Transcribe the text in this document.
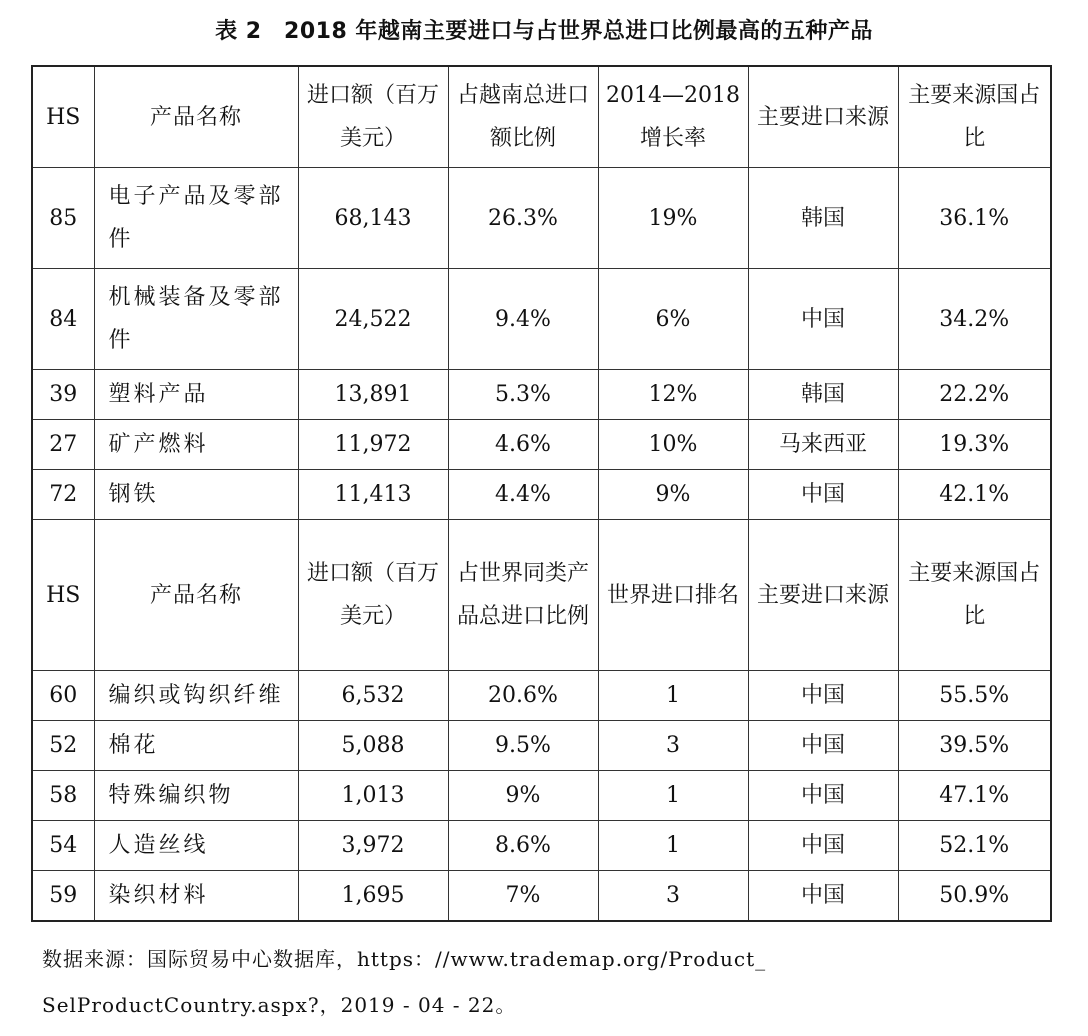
表 2　2018 年越南主要进口与占世界总进口比例最高的五种产品
HS	产品名称	进口额（百万美元）	占越南总进口额比例	2014—2018 增长率	主要进口来源	主要来源国占比
85	电子产品及零部件	68,143	26.3%	19%	韩国	36.1%
84	机械装备及零部件	24,522	9.4%	6%	中国	34.2%
39	塑料产品	13,891	5.3%	12%	韩国	22.2%
27	矿产燃料	11,972	4.6%	10%	马来西亚	19.3%
72	钢铁	11,413	4.4%	9%	中国	42.1%
HS	产品名称	进口额（百万美元）	占世界同类产品总进口比例	世界进口排名	主要进口来源	主要来源国占比
60	编织或钩织纤维	6,532	20.6%	1	中国	55.5%
52	棉花	5,088	9.5%	3	中国	39.5%
58	特殊编织物	1,013	9%	1	中国	47.1%
54	人造丝线	3,972	8.6%	1	中国	52.1%
59	染织材料	1,695	7%	3	中国	50.9%
数据来源：国际贸易中心数据库，https：//www.trademap.org/Product_ SelProductCountry.aspx?，2019 - 04 - 22。
